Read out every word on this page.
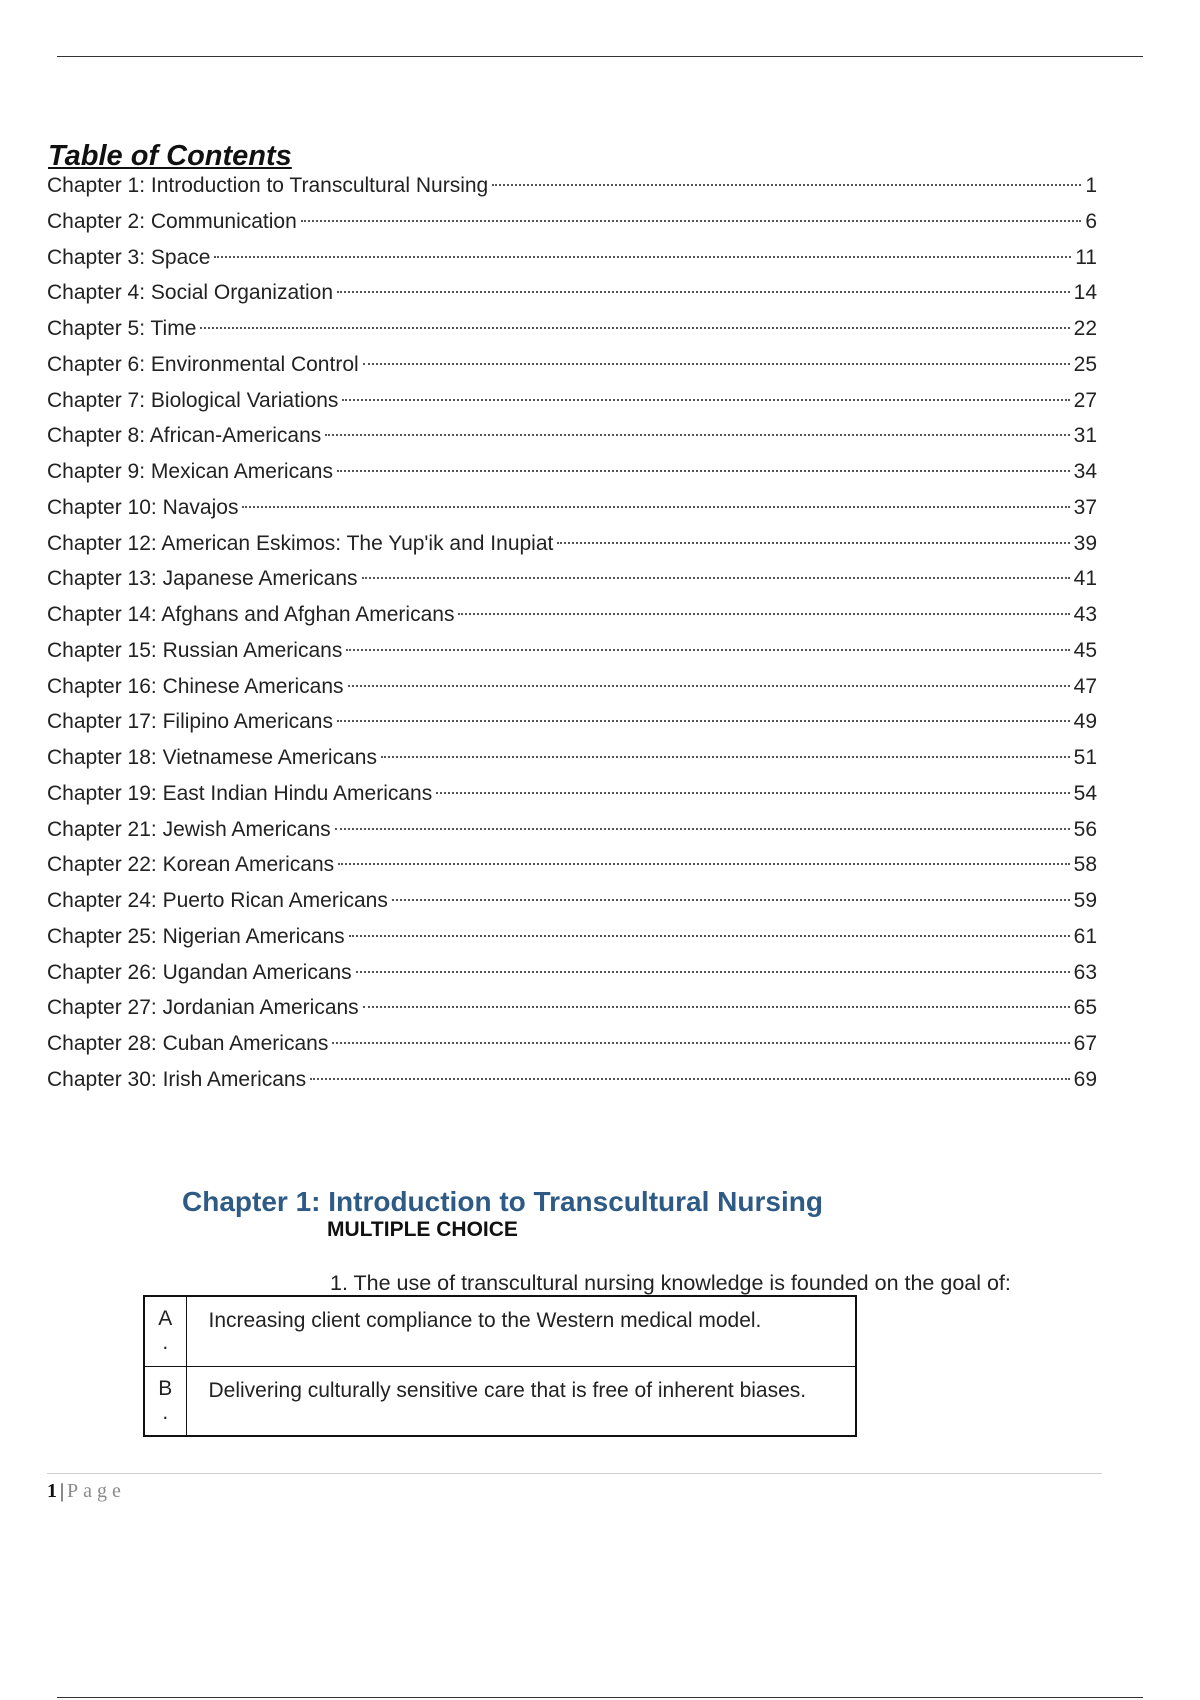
Table of Contents
Chapter 1: Introduction to Transcultural Nursing	1
Chapter 2: Communication	6
Chapter 3: Space	11
Chapter 4: Social Organization	14
Chapter 5: Time	22
Chapter 6: Environmental Control	25
Chapter 7: Biological Variations	27
Chapter 8: African-Americans	31
Chapter 9: Mexican Americans	34
Chapter 10: Navajos	37
Chapter 12: American Eskimos: The Yup'ik and Inupiat	39
Chapter 13: Japanese Americans	41
Chapter 14: Afghans and Afghan Americans	43
Chapter 15: Russian Americans	45
Chapter 16: Chinese Americans	47
Chapter 17: Filipino Americans	49
Chapter 18: Vietnamese Americans	51
Chapter 19: East Indian Hindu Americans	54
Chapter 21: Jewish Americans	56
Chapter 22: Korean Americans	58
Chapter 24: Puerto Rican Americans	59
Chapter 25: Nigerian Americans	61
Chapter 26: Ugandan Americans	63
Chapter 27: Jordanian Americans	65
Chapter 28: Cuban Americans	67
Chapter 30: Irish Americans	69
Chapter 1: Introduction to Transcultural Nursing
MULTIPLE CHOICE

1. The use of transcultural nursing knowledge is founded on the goal of:

A
.	Increasing client compliance to the Western medical model.

B
.	Delivering culturally sensitive care that is free of inherent biases.

1 | Page
